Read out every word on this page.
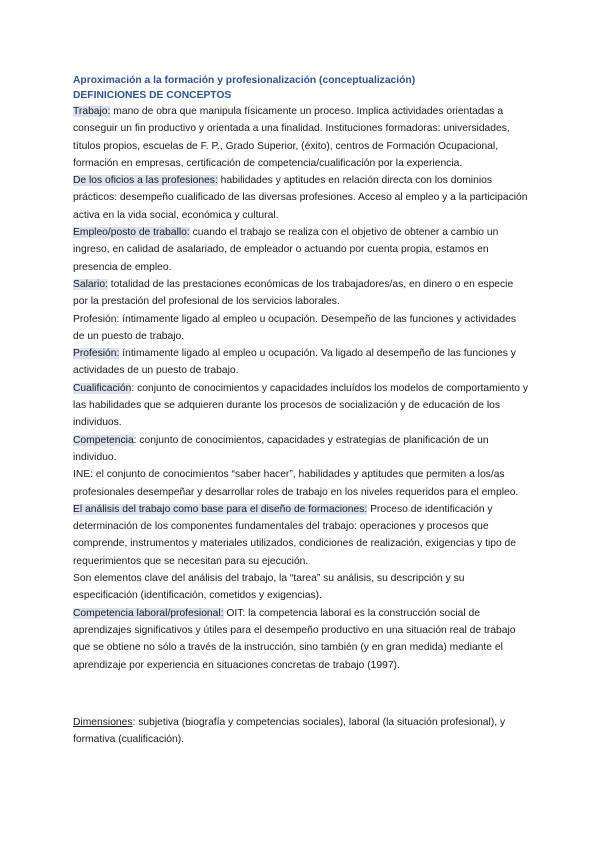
Aproximación a la formación y profesionalización (conceptualización)
DEFINICIONES DE CONCEPTOS

Trabajo: mano de obra que manipula físicamente un proceso. Implica actividades orientadas a conseguir un fin productivo y orientada a una finalidad. Instituciones formadoras: universidades, títulos propios, escuelas de F. P., Grado Superior, (éxito), centros de Formación Ocupacional, formación en empresas, certificación de competencia/cualificación por la experiencia.

De los oficios a las profesiones: habilidades y aptitudes en relación directa con los dominios prácticos: desempeño cualificado de las diversas profesiones. Acceso al empleo y a la participación activa en la vida social, económica y cultural.

Empleo/posto de traballo: cuando el trabajo se realiza con el objetivo de obtener a cambio un ingreso, en calidad de asalariado, de empleador o actuando por cuenta propia, estamos en presencia de empleo.

Salario: totalidad de las prestaciones económicas de los trabajadores/as, en dinero o en especie por la prestación del profesional de los servicios laborales.

Profesión: íntimamente ligado al empleo u ocupación. Desempeño de las funciones y actividades de un puesto de trabajo.

Profesión: íntimamente ligado al empleo u ocupación. Va ligado al desempeño de las funciones y actividades de un puesto de trabajo.

Cualificación: conjunto de conocimientos y capacidades incluídos los modelos de comportamiento y las habilidades que se adquieren durante los procesos de socialización y de educación de los individuos.

Competencia: conjunto de conocimientos, capacidades y estrategias de planificación de un individuo.

INE: el conjunto de conocimientos “saber hacer”, habilidades y aptitudes que permiten a los/as profesionales desempeñar y desarrollar roles de trabajo en los niveles requeridos para el empleo.

El análisis del trabajo como base para el diseño de formaciones: Proceso de identificación y determinación de los componentes fundamentales del trabajo: operaciones y procesos que comprende, instrumentos y materiales utilizados, condiciones de realización, exigencias y tipo de requerimientos que se necesitan para su ejecución.

Son elementos clave del análisis del trabajo, la “tarea” su análisis, su descripción y su especificación (identificación, cometidos y exigencias).

Competencia laboral/profesional: OIT: la competencia laboral es la construcción social de aprendizajes significativos y útiles para el desempeño productivo en una situación real de trabajo que se obtiene no sólo a través de la instrucción, sino también (y en gran medida) mediante el aprendizaje por experiencia en situaciones concretas de trabajo (1997).

Dimensiones: subjetiva (biografía y competencias sociales), laboral (la situación profesional), y formativa (cualificación).
